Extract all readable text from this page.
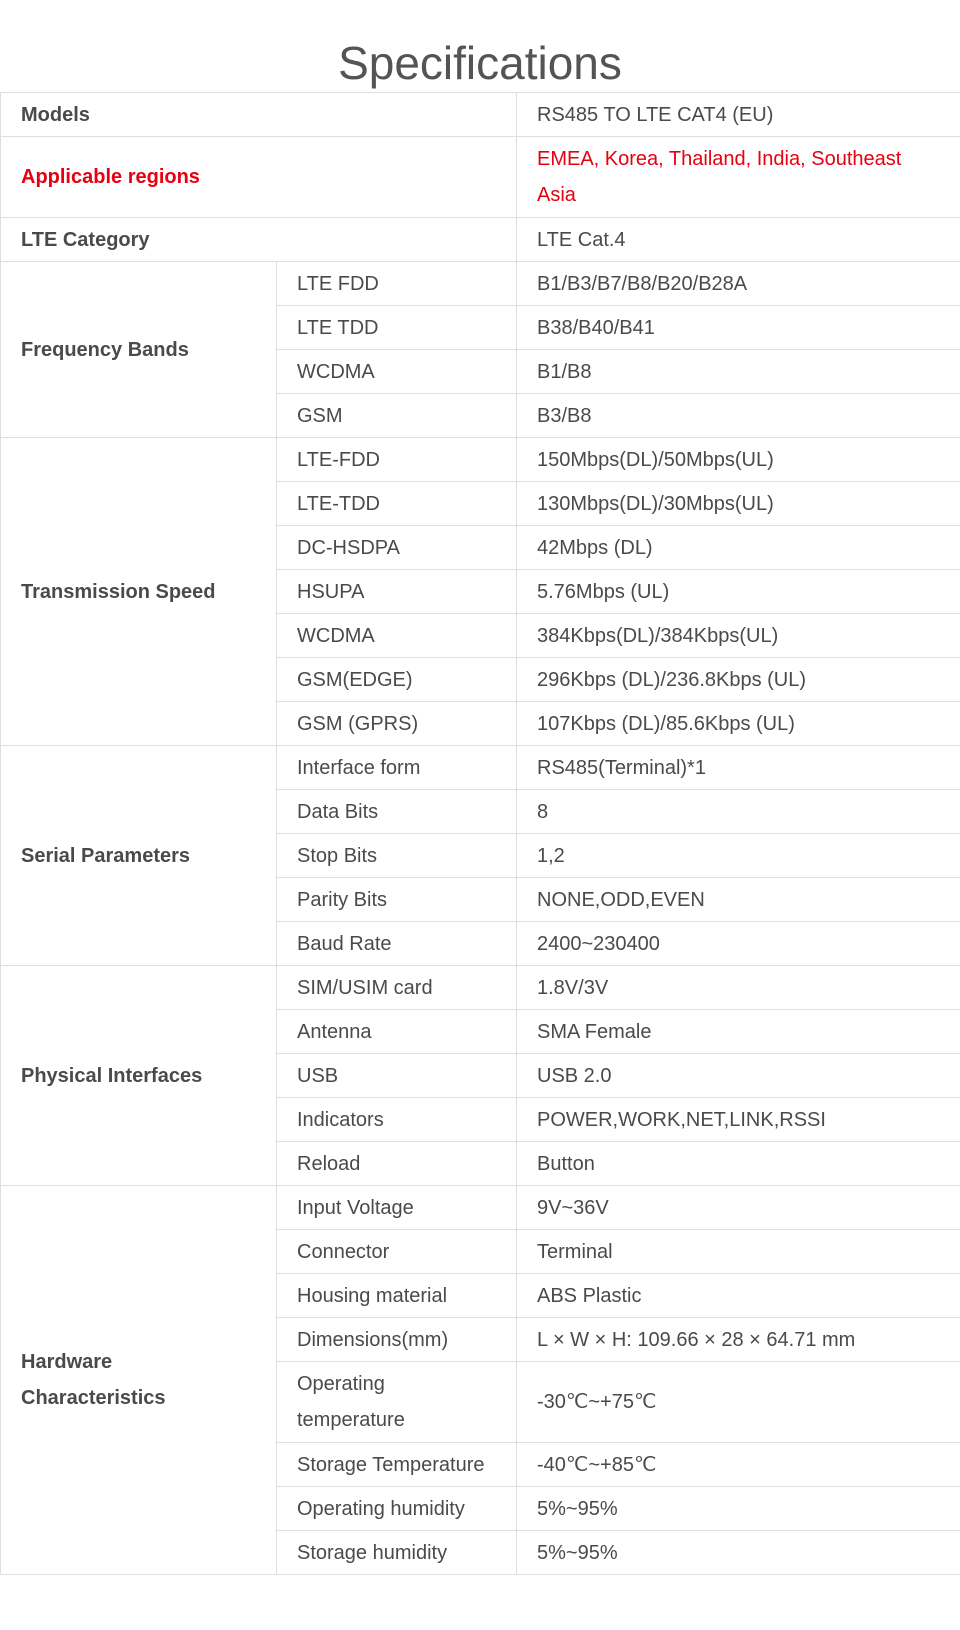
Specifications
Models		RS485 TO LTE CAT4 (EU)
Applicable regions		EMEA, Korea, Thailand, India, Southeast Asia
LTE Category		LTE Cat.4
Frequency Bands	LTE FDD	B1/B3/B7/B8/B20/B28A
	LTE TDD	B38/B40/B41
	WCDMA	B1/B8
	GSM	B3/B8
Transmission Speed	LTE-FDD	150Mbps(DL)/50Mbps(UL)
	LTE-TDD	130Mbps(DL)/30Mbps(UL)
	DC-HSDPA	42Mbps (DL)
	HSUPA	5.76Mbps (UL)
	WCDMA	384Kbps(DL)/384Kbps(UL)
	GSM(EDGE)	296Kbps (DL)/236.8Kbps (UL)
	GSM (GPRS)	107Kbps (DL)/85.6Kbps (UL)
Serial Parameters	Interface form	RS485(Terminal)*1
	Data Bits	8
	Stop Bits	1,2
	Parity Bits	NONE,ODD,EVEN
	Baud Rate	2400~230400
Physical Interfaces	SIM/USIM card	1.8V/3V
	Antenna	SMA Female
	USB	USB 2.0
	Indicators	POWER,WORK,NET,LINK,RSSI
	Reload	Button
Hardware Characteristics	Input Voltage	9V~36V
	Connector	Terminal
	Housing material	ABS Plastic
	Dimensions(mm)	L × W × H: 109.66 × 28 × 64.71 mm
	Operating temperature	-30℃~+75℃
	Storage Temperature	-40℃~+85℃
	Operating humidity	5%~95%
	Storage humidity	5%~95%
